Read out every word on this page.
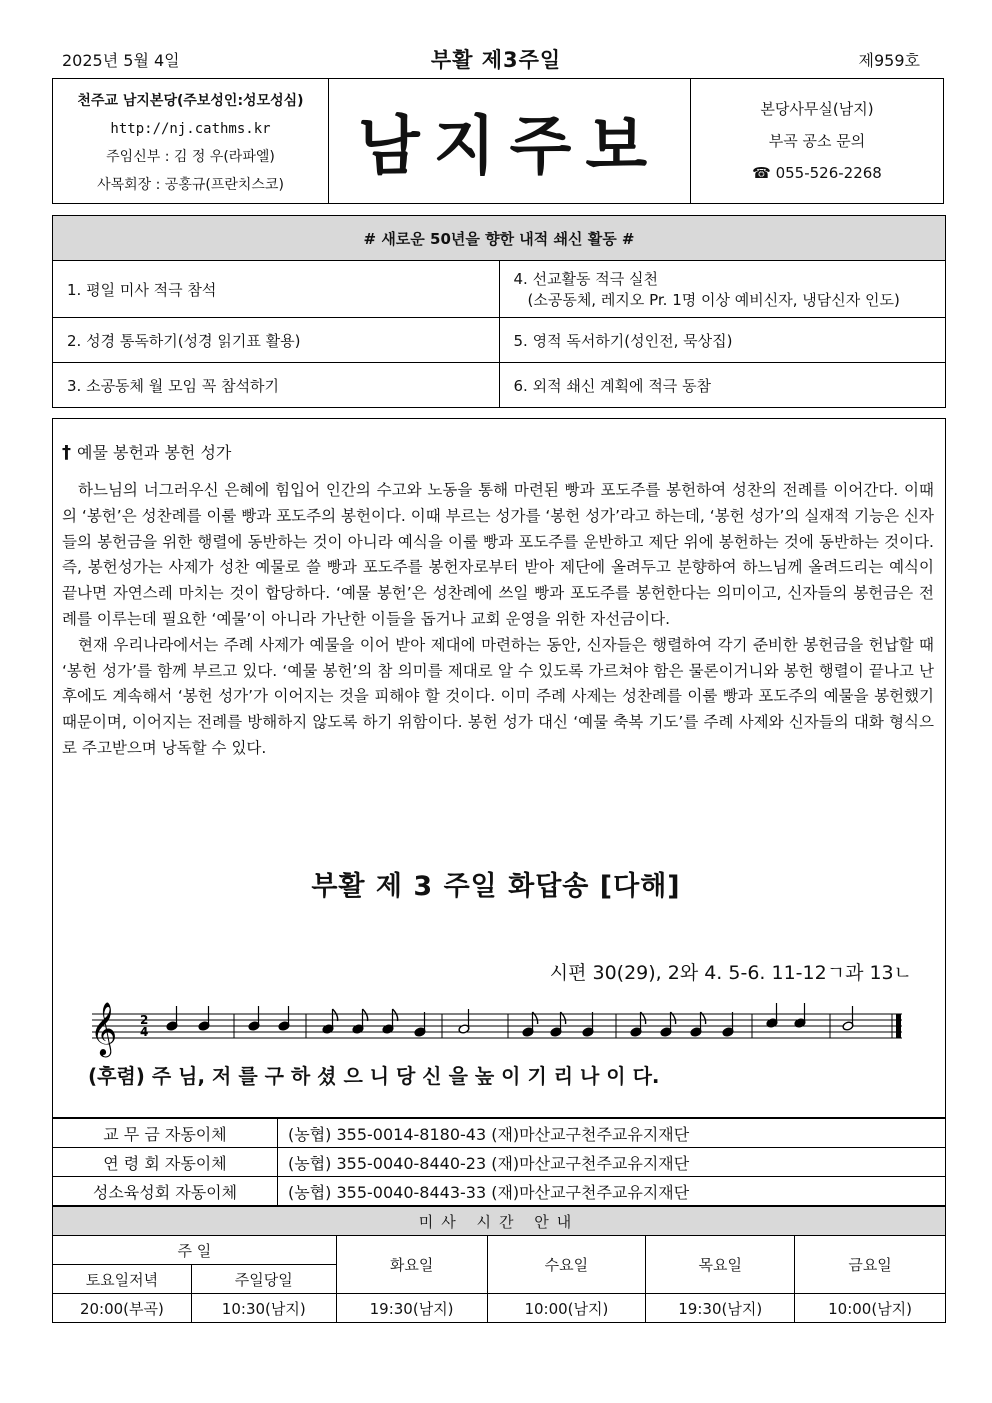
2025년 5월 4일	부활 제3주일	제959호
천주교 남지본당(주보성인:성모성심)
http://nj.cathms.kr
주임신부 : 김 정 우(라파엘)
사목회장 : 공홍규(프란치스코)
남지주보
본당사무실(남지)
부곡 공소 문의
☎ 055-526-2268
# 새로운 50년을 향한 내적 쇄신 활동 #	
1. 평일 미사 적극 참석	4. 선교활동 적극 실천
(소공동체, 레지오 Pr. 1명 이상 예비신자, 냉담신자 인도)

2. 성경 통독하기(성경 읽기표 활용)	5. 영적 독서하기(성인전, 묵상집)
3. 소공동체 월 모임 꼭 참석하기	6. 외적 쇄신 계획에 적극 동참
† 예물 봉헌과 봉헌 성가

하느님의 너그러우신 은혜에 힘입어 인간의 수고와 노동을 통해 마련된 빵과 포도주를 봉헌하여 성찬의 전례를 이어간다. 이때의 ‘봉헌’은 성찬례를 이룰 빵과 포도주의 봉헌이다. 이때 부르는 성가를 ‘봉헌 성가’라고 하는데, ‘봉헌 성가’의 실재적 기능은 신자들의 봉헌금을 위한 행렬에 동반하는 것이 아니라 예식을 이룰 빵과 포도주를 운반하고 제단 위에 봉헌하는 것에 동반하는 것이다. 즉, 봉헌성가는 사제가 성찬 예물로 쓸 빵과 포도주를 봉헌자로부터 받아 제단에 올려두고 분향하여 하느님께 올려드리는 예식이 끝나면 자연스레 마치는 것이 합당하다. ‘예물 봉헌’은 성찬례에 쓰일 빵과 포도주를 봉헌한다는 의미이고, 신자들의 봉헌금은 전례를 이루는데 필요한 ‘예물’이 아니라 가난한 이들을 돕거나 교회 운영을 위한 자선금이다.

현재 우리나라에서는 주례 사제가 예물을 이어 받아 제대에 마련하는 동안, 신자들은 행렬하여 각기 준비한 봉헌금을 헌납할 때 ‘봉헌 성가’를 함께 부르고 있다. ‘예물 봉헌’의 참 의미를 제대로 알 수 있도록 가르쳐야 함은 물론이거니와 봉헌 행렬이 끝나고 난 후에도 계속해서 ‘봉헌 성가’가 이어지는 것을 피해야 할 것이다. 이미 주례 사제는 성찬례를 이룰 빵과 포도주의 예물을 봉헌했기 때문이며, 이어지는 전례를 방해하지 않도록 하기 위함이다. 봉헌 성가 대신 ‘예물 축복 기도’를 주례 사제와 신자들의 대화 형식으로 주고받으며 낭독할 수 있다.

부활 제 3 주일 화답송 [다해]
시편 30(29), 2와 4. 5-6. 11-12ㄱ과 13ㄴ
𝄞 2
4
(후렴) 주 님, 저 를 구 하 셨 으 니 당 신 을 높 이 기 리 나 이 다.
교 무 금 자동이체	(농협) 355-0014-8180-43 (재)마산교구천주교유지재단
연 령 회 자동이체	(농협) 355-0040-8440-23 (재)마산교구천주교유지재단
성소육성회 자동이체	(농협) 355-0040-8443-33 (재)마산교구천주교유지재단
미사 시간 안내					
주 일		화요일	수요일	목요일	금요일
토요일저녁	주일당일				
20:00(부곡)	10:30(남지)	19:30(남지)	10:00(남지)	19:30(남지)	10:00(남지)
